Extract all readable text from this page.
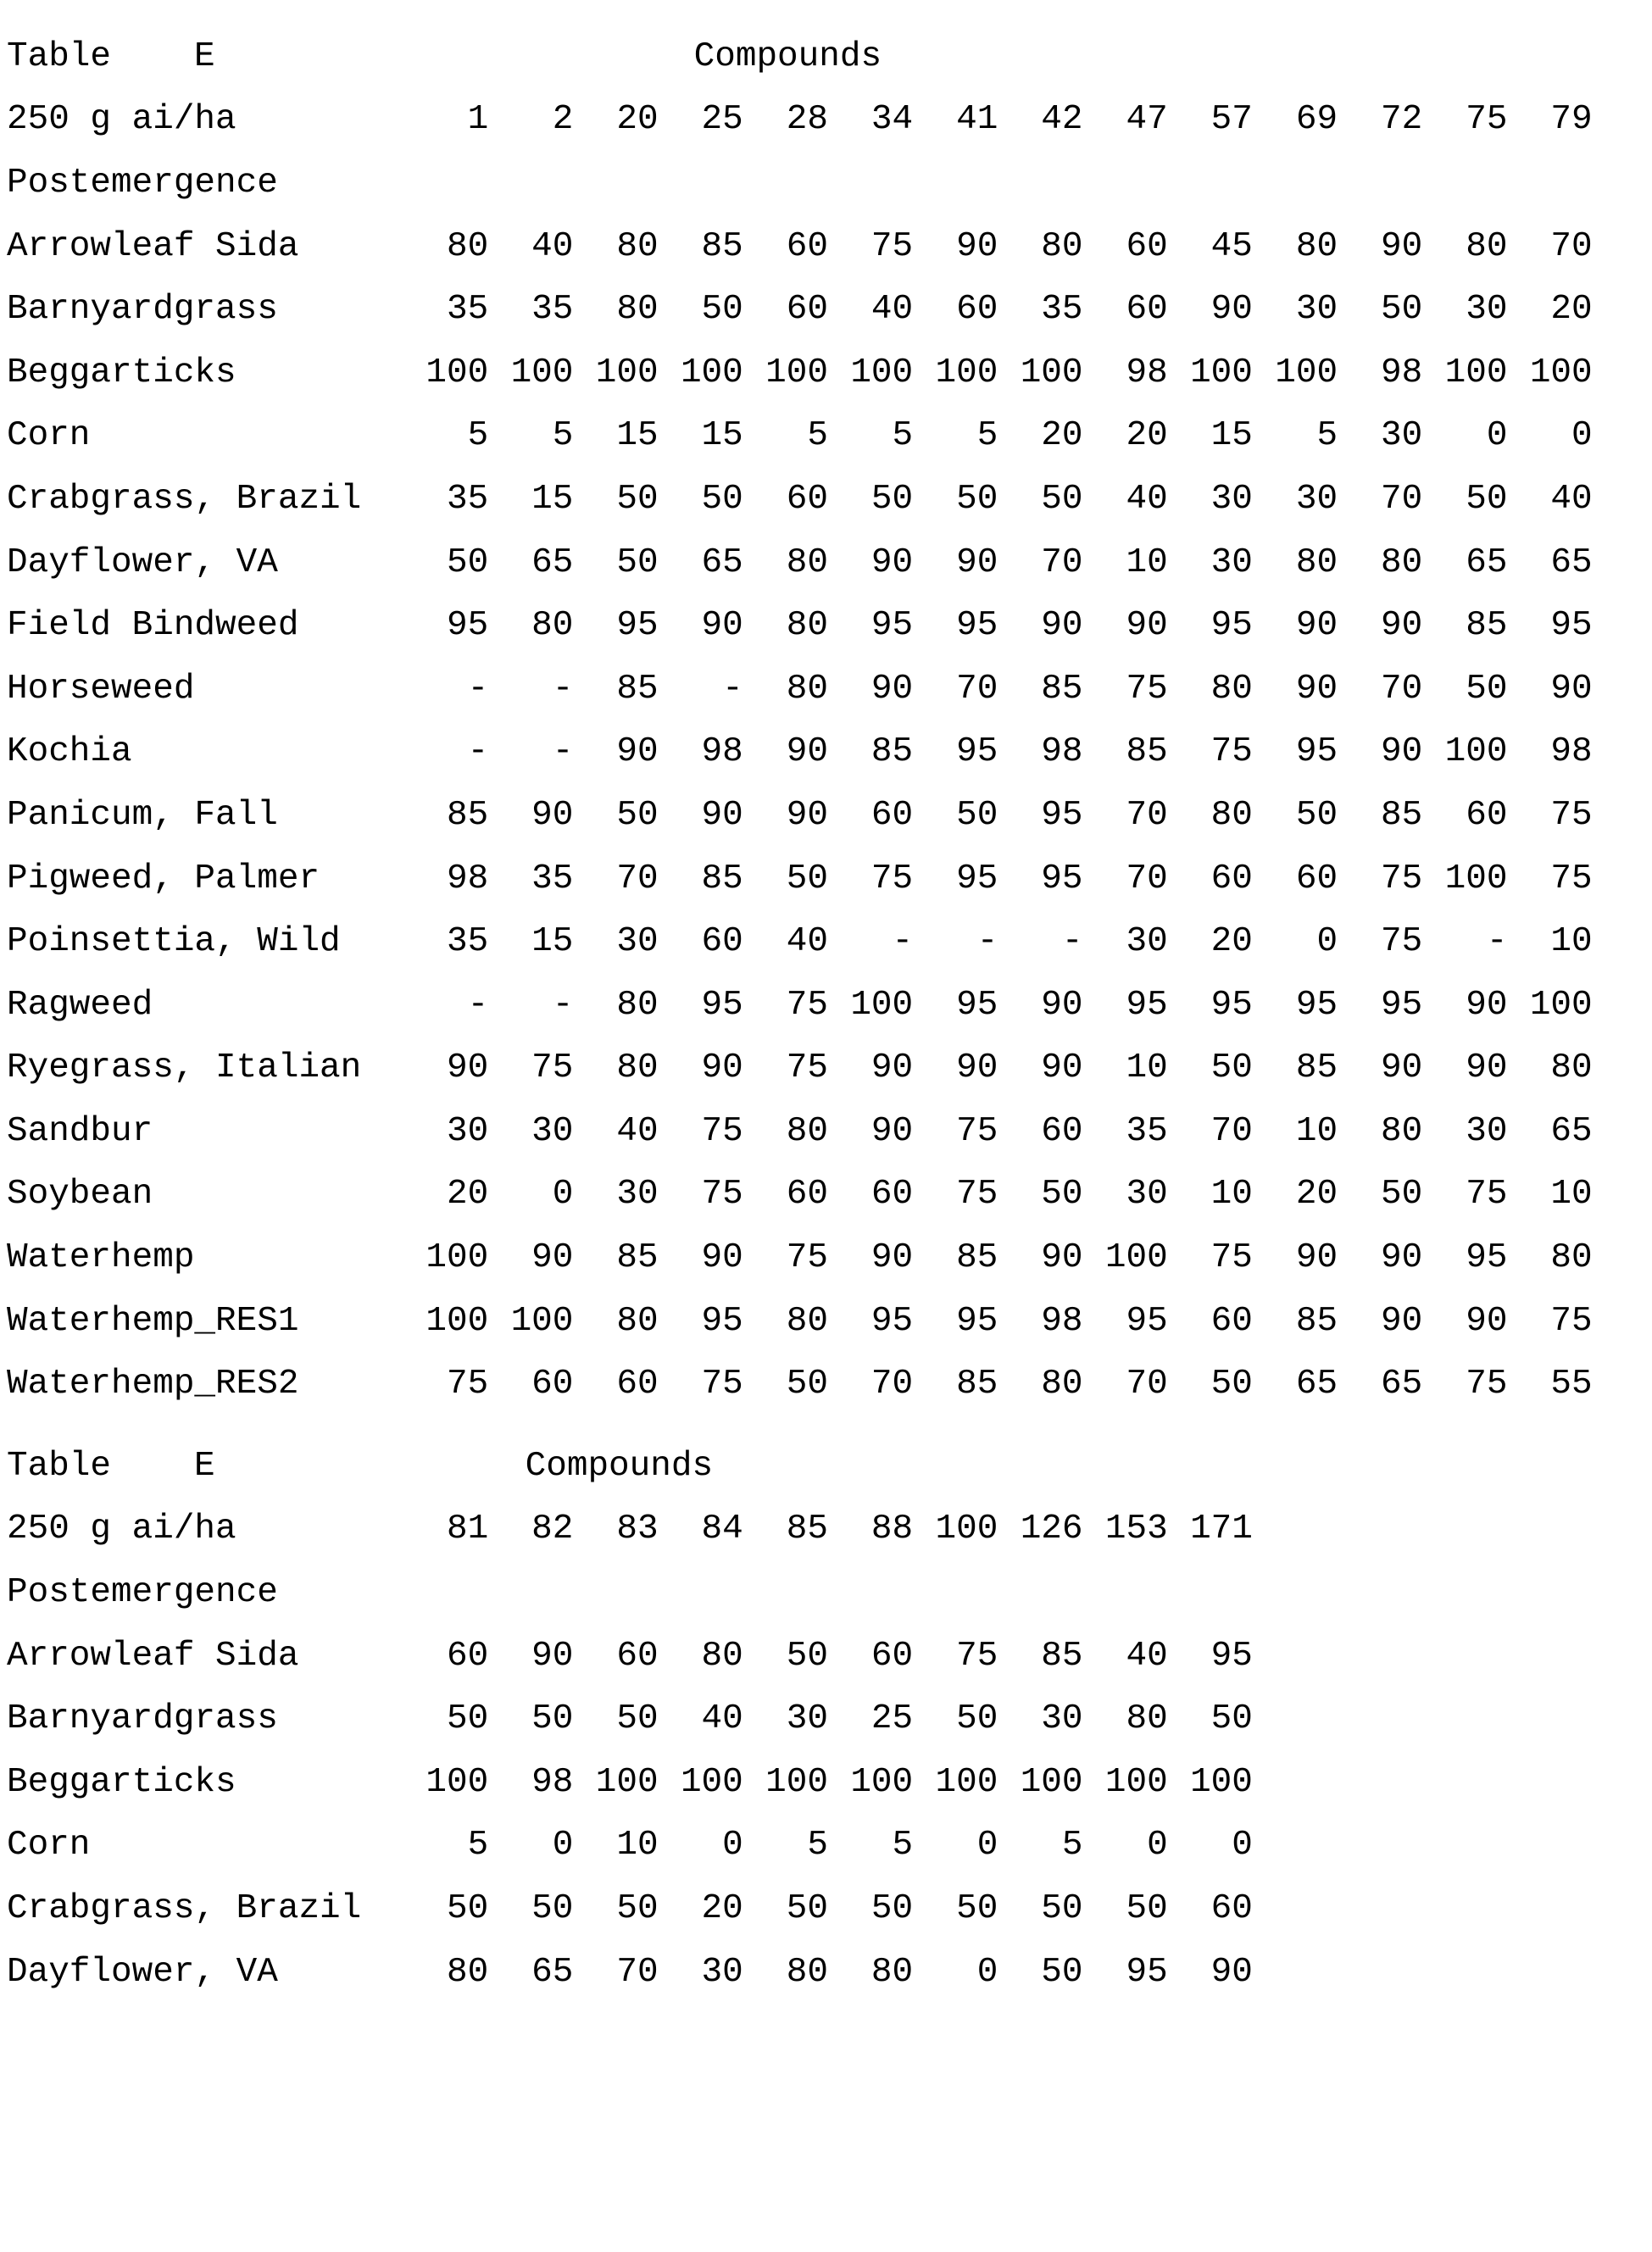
Table E	Compounds
250 g ai/ha	1	2	20	25	28	34	41	42	47	57	69	72	75	79
Postemergence
Arrowleaf Sida	80	40	80	85	60	75	90	80	60	45	80	90	80	70
Barnyardgrass	35	35	80	50	60	40	60	35	60	90	30	50	30	20
Beggarticks	100 100 100 100 100 100 100 100	98 100 100	98 100 100
Corn	5	5	15	15	5	5	5	20	20	15	5	30	0	0
Crabgrass, Brazil	35	15	50	50	60	50	50	50	40	30	30	70	50	40
Dayflower, VA	50	65	50	65	80	90	90	70	10	30	80	80	65	65
Field Bindweed	95	80	95	90	80	95	95	90	90	95	90	90	85	95
Horseweed	-	-	85	-	80	90	70	85	75	80	90	70	50	90
Kochia	-	-	90	98	90	85	95	98	85	75	95	90 100	98
Panicum, Fall	85	90	50	90	90	60	50	95	70	80	50	85	60	75
Pigweed, Palmer	98	35	70	85	50	75	95	95	70	60	60	75 100	75
Poinsettia, Wild	35	15	30	60	40	-	-	-	30	20	0	75	-	10
Ragweed	-	-	80	95	75 100	95	90	95	95	95	95	90 100
Ryegrass, Italian	90	75	80	90	75	90	90	90	10	50	85	90	90	80
Sandbur	30	30	40	75	80	90	75	60	35	70	10	80	30	65
Soybean	20	0	30	75	60	60	75	50	30	10	20	50	75	10
Waterhemp	100	90	85	90	75	90	85	90 100	75	90	90	95	80
Waterhemp_RES1	100 100	80	95	80	95	95	98	95	60	85	90	90	75
Waterhemp_RES2	75	60	60	75	50	70	85	80	70	50	65	65	75	55
Table E	Compounds
250 g ai/ha	81	82	83	84	85	88 100 126 153 171
Postemergence
Arrowleaf Sida	60	90	60	80	50	60	75	85	40	95
Barnyardgrass	50	50	50	40	30	25	50	30	80	50
Beggarticks	100	98 100 100 100 100 100 100 100 100
Corn	5	0	10	0	5	5	0	5	0	0
Crabgrass, Brazil	50	50	50	20	50	50	50	50	50	60
Dayflower, VA	80	65	70	30	80	80	0	50	95	90
